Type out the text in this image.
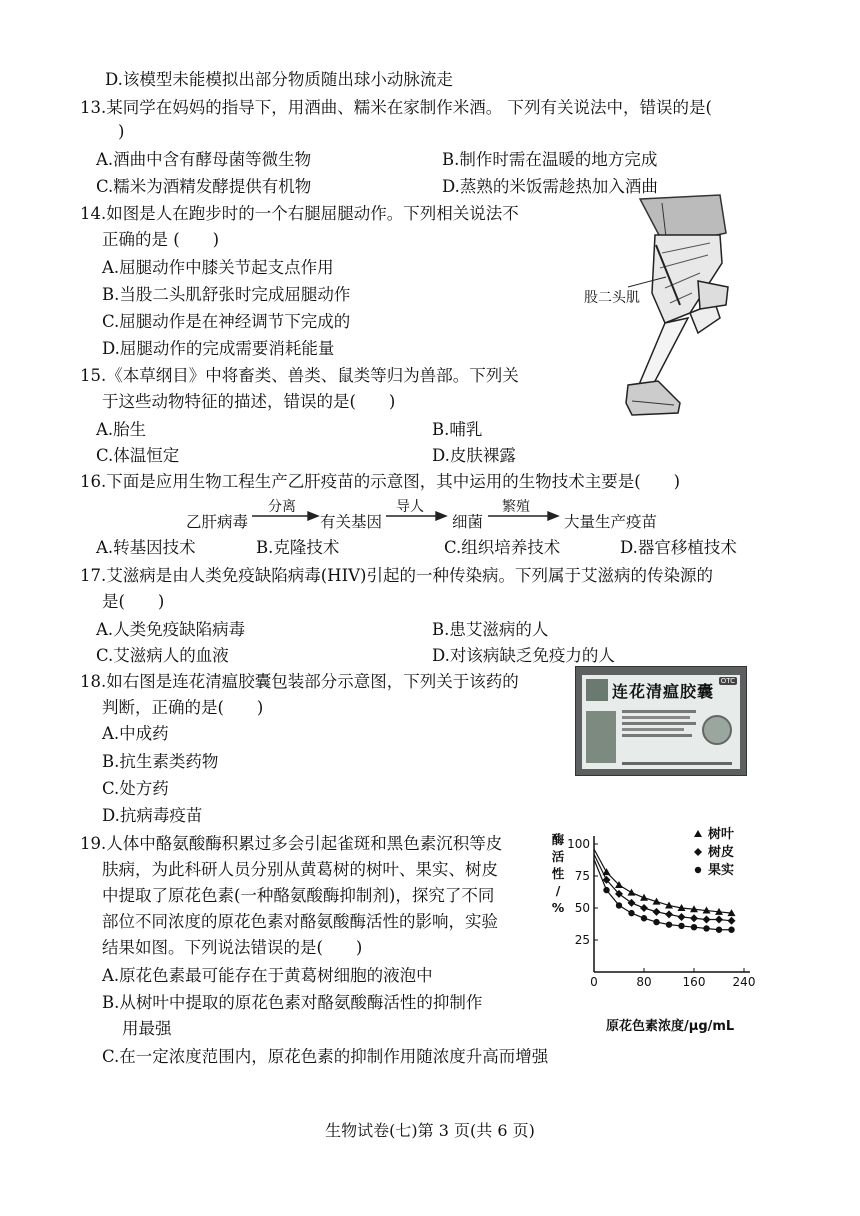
D.该模型未能模拟出部分物质随出球小动脉流走
13.某同学在妈妈的指导下，用酒曲、糯米在家制作米酒。 下列有关说法中，错误的是(
)
A.酒曲中含有酵母菌等微生物	B.制作时需在温暖的地方完成
C.糯米为酒精发酵提供有机物	D.蒸熟的米饭需趁热加入酒曲
14.如图是人在跑步时的一个右腿屈腿动作。下列相关说法不
正确的是 (　　)
A.屈腿动作中膝关节起支点作用
B.当股二头肌舒张时完成屈腿动作
C.屈腿动作是在神经调节下完成的
D.屈腿动作的完成需要消耗能量
股二头肌
15.《本草纲目》中将畜类、兽类、鼠类等归为兽部。下列关
于这些动物特征的描述，错误的是(　　)
A.胎生	B.哺乳
C.体温恒定	D.皮肤裸露
16.下面是应用生物工程生产乙肝疫苗的示意图，其中运用的生物技术主要是(　　)
乙肝病毒
分离
有关基因
导人
细菌
繁殖
大量生产疫苗
A.转基因技术	B.克隆技术	C.组织培养技术	D.器官移植技术
17.艾滋病是由人类免疫缺陷病毒(HIV)引起的一种传染病。下列属于艾滋病的传染源的
是(　　)
A.人类免疫缺陷病毒	B.患艾滋病的人
C.艾滋病人的血液	D.对该病缺乏免疫力的人
18.如右图是连花清瘟胶囊包装部分示意图，下列关于该药的
判断，正确的是(　　)
A.中成药
B.抗生素类药物
C.处方药
D.抗病毒疫苗
连花清瘟胶囊
OTC
19.人体中酪氨酸酶积累过多会引起雀斑和黑色素沉积等皮
肤病，为此科研人员分别从黄葛树的树叶、果实、树皮
中提取了原花色素(一种酪氨酸酶抑制剂)，探究了不同
部位不同浓度的原花色素对酪氨酸酶活性的影响，实验
结果如图。下列说法错误的是(　　)
A.原花色素最可能存在于黄葛树细胞的液泡中
B.从树叶中提取的原花色素对酪氨酸酶活性的抑制作
用最强
C.在一定浓度范围内，原花色素的抑制作用随浓度升高而增强
酶
活
性
/
%
0	80	160 240
25
50
75
100
树叶
树皮
果实
原花色素浓度/μg/mL
生物试卷(七)第 3 页(共 6 页)
